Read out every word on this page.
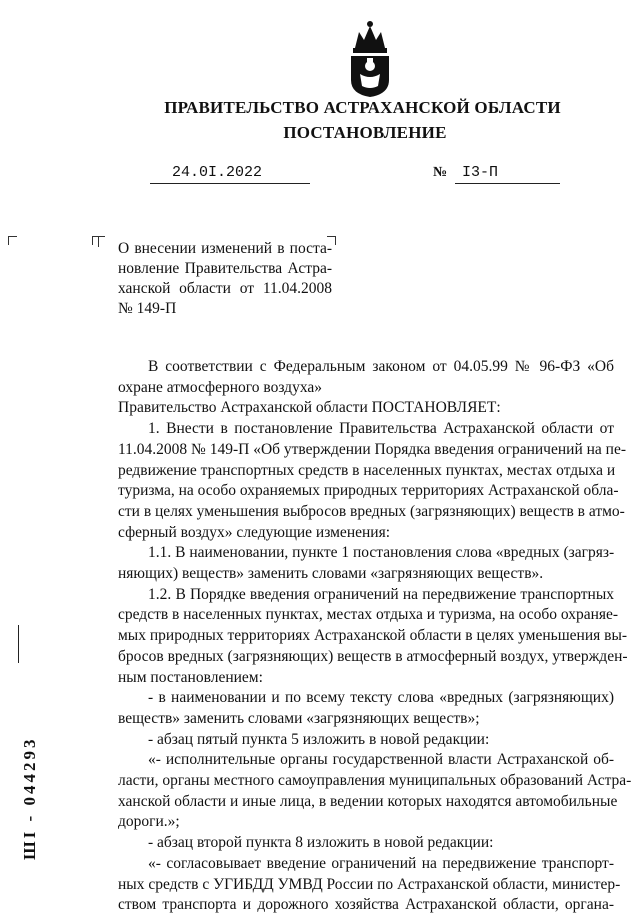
ПРАВИТЕЛЬСТВО АСТРАХАНСКОЙ ОБЛАСТИ
ПОСТАНОВЛЕНИЕ
24.0I.2022	№ I3-П
О внесении изменений в поста-
новление Правительства Астра-
ханской области от 11.04.2008
№ 149-П
В соответствии с Федеральным законом от 04.05.99 № 96-ФЗ «Об
охране атмосферного воздуха»
Правительство Астраханской области ПОСТАНОВЛЯЕТ:
1. Внести в постановление Правительства Астраханской области от
11.04.2008 № 149-П «Об утверждении Порядка введения ограничений на пе-
редвижение транспортных средств в населенных пунктах, местах отдыха и
туризма, на особо охраняемых природных территориях Астраханской обла-
сти в целях уменьшения выбросов вредных (загрязняющих) веществ в атмо-
сферный воздух» следующие изменения:
1.1. В наименовании, пункте 1 постановления слова «вредных (загряз-
няющих) веществ» заменить словами «загрязняющих веществ».
1.2. В Порядке введения ограничений на передвижение транспортных
средств в населенных пунктах, местах отдыха и туризма, на особо охраняе-
мых природных территориях Астраханской области в целях уменьшения вы-
бросов вредных (загрязняющих) веществ в атмосферный воздух, утвержден-
ным постановлением:
- в наименовании и по всему тексту слова «вредных (загрязняющих)
веществ» заменить словами «загрязняющих веществ»;
- абзац пятый пункта 5 изложить в новой редакции:
«- исполнительные органы государственной власти Астраханской об-
ласти, органы местного самоуправления муниципальных образований Астра-
ханской области и иные лица, в ведении которых находятся автомобильные
дороги.»;
- абзац второй пункта 8 изложить в новой редакции:
«- согласовывает введение ограничений на передвижение транспорт-
ных средств с УГИБДД УМВД России по Астраханской области, министер-
ством транспорта и дорожного хозяйства Астраханской области, органа-
ШI - 044293
